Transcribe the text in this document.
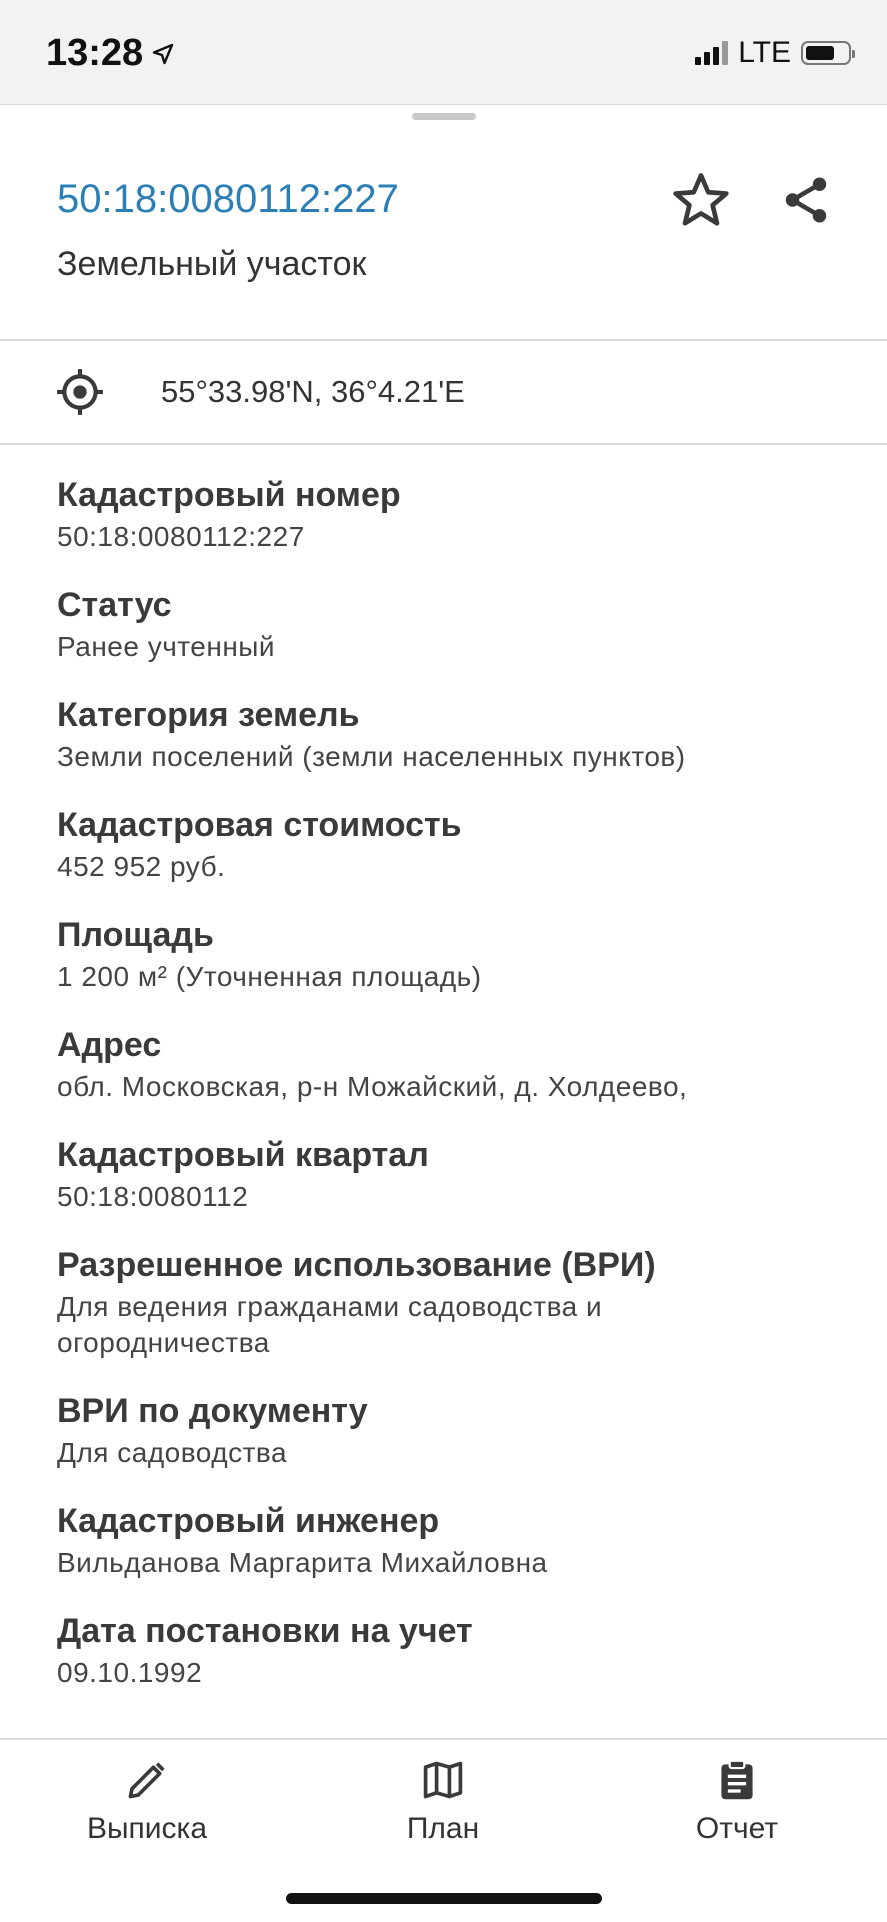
13:28	LTE
50:18:0080112:227
Земельный участок
55°33.98'N, 36°4.21'E
Кадастровый номер
50:18:0080112:227
Статус
Ранее учтенный
Категория земель
Земли поселений (земли населенных пунктов)
Кадастровая стоимость
452 952 руб.
Площадь
1 200 м² (Уточненная площадь)
Адрес
обл. Московская, р-н Можайский, д. Холдеево,
Кадастровый квартал
50:18:0080112
Разрешенное использование (ВРИ)
Для ведения гражданами садоводства и огородничества
ВРИ по документу
Для садоводства
Кадастровый инженер
Вильданова Маргарита Михайловна
Дата постановки на учет
09.10.1992
Выписка	План	Отчет
